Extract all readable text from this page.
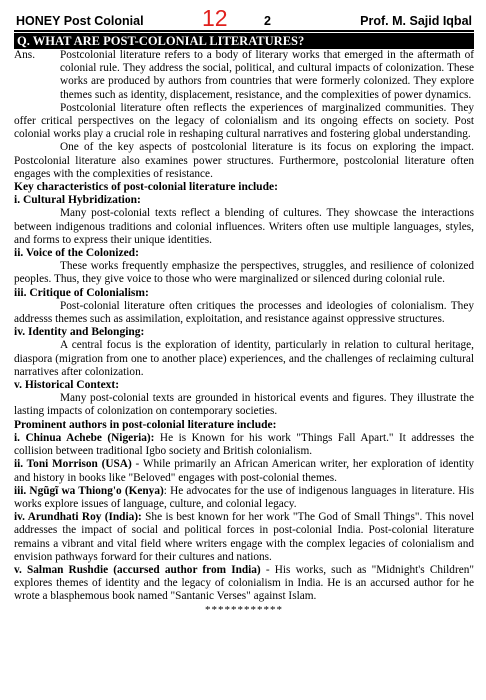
HONEY Post Colonial	12	2	Prof. M. Sajid Iqbal
Q. WHAT ARE POST-COLONIAL LITERATURES?
Ans.	Postcolonial literature refers to a body of literary works that emerged in the aftermath of colonial rule. They address the social, political, and cultural impacts of colonization. These works are produced by authors from countries that were formerly colonized. They explore themes such as identity, displacement, resistance, and the complexities of power dynamics.

Postcolonial literature often reflects the experiences of marginalized communities. They offer critical perspectives on the legacy of colonialism and its ongoing effects on society. Post colonial works play a crucial role in reshaping cultural narratives and fostering global understanding.

One of the key aspects of postcolonial literature is its focus on exploring the impact. Postcolonial literature also examines power structures. Furthermore, postcolonial literature often engages with the complexities of resistance.

Key characteristics of post-colonial literature include:

i. Cultural Hybridization:

Many post-colonial texts reflect a blending of cultures. They showcase the interactions between indigenous traditions and colonial influences. Writers often use multiple languages, styles, and forms to express their unique identities.

ii. Voice of the Colonized:

These works frequently emphasize the perspectives, struggles, and resilience of colonized peoples. Thus, they give voice to those who were marginalized or silenced during colonial rule.

iii. Critique of Colonialism:

Post-colonial literature often critiques the processes and ideologies of colonialism. They addresss themes such as assimilation, exploitation, and resistance against oppressive structures.

iv. Identity and Belonging:

A central focus is the exploration of identity, particularly in relation to cultural heritage, diaspora (migration from one to another place) experiences, and the challenges of reclaiming cultural narratives after colonization.

v. Historical Context:

Many post-colonial texts are grounded in historical events and figures. They illustrate the lasting impacts of colonization on contemporary societies.

Prominent authors in post-colonial literature include:

i. Chinua Achebe (Nigeria): He is Known for his work "Things Fall Apart." It addresses the collision between traditional Igbo society and British colonialism.

ii. Toni Morrison (USA) - While primarily an African American writer, her exploration of identity and history in books like "Beloved" engages with post-colonial themes.

iii. Ngũgĩ wa Thiong'o (Kenya): He advocates for the use of indigenous languages in literature. His works explore issues of language, culture, and colonial legacy.

iv. Arundhati Roy (India): She is best known for her work "The God of Small Things". This novel addresses the impact of social and political forces in post-colonial India. Post-colonial literature remains a vibrant and vital field where writers engage with the complex legacies of colonialism and envision pathways forward for their cultures and nations.

v. Salman Rushdie (accursed author from India) - His works, such as "Midnight's Children" explores themes of identity and the legacy of colonialism in India. He is an accursed author for he wrote a blasphemous book named "Santanic Verses" against Islam.

************
